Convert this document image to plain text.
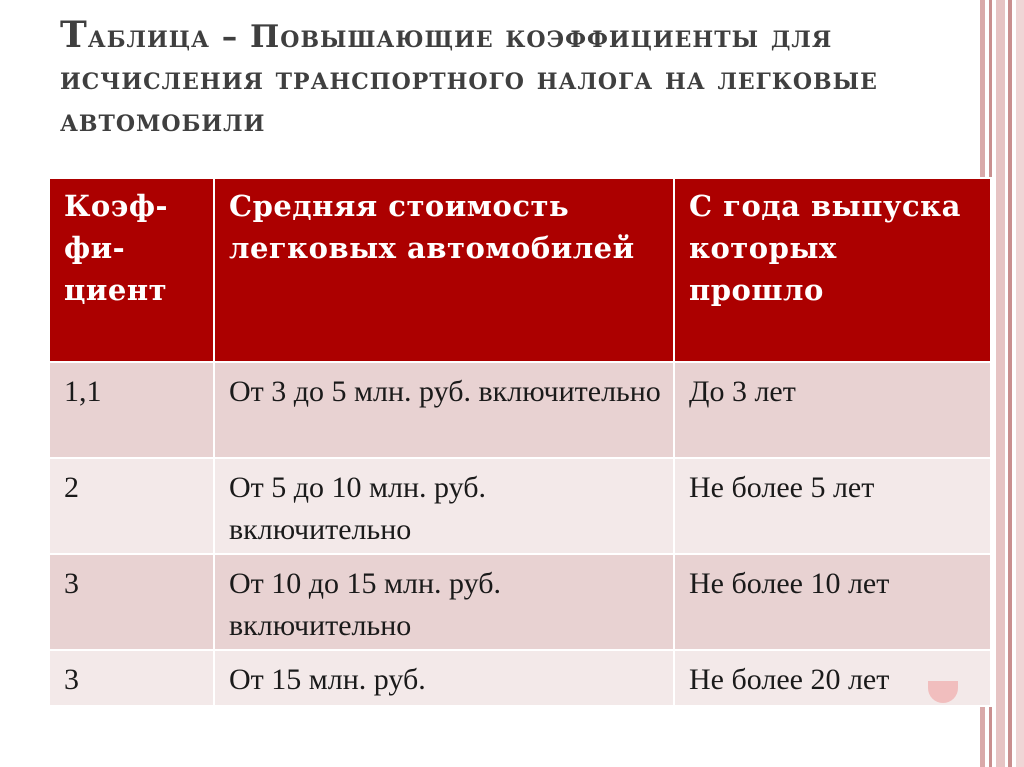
Таблица – Повышающие коэффициенты для исчисления транспортного налога на легковые автомобили
Коэф-
фи-
циент	Средняя стоимость легковых автомобилей	С года выпуска которых прошло
1,1	От 3 до 5 млн. руб. включительно	До 3 лет
2	От 5 до 10 млн. руб. включительно	Не более 5 лет
3	От 10 до 15 млн. руб. включительно	Не более 10 лет
3	От 15 млн. руб.	Не более 20 лет
